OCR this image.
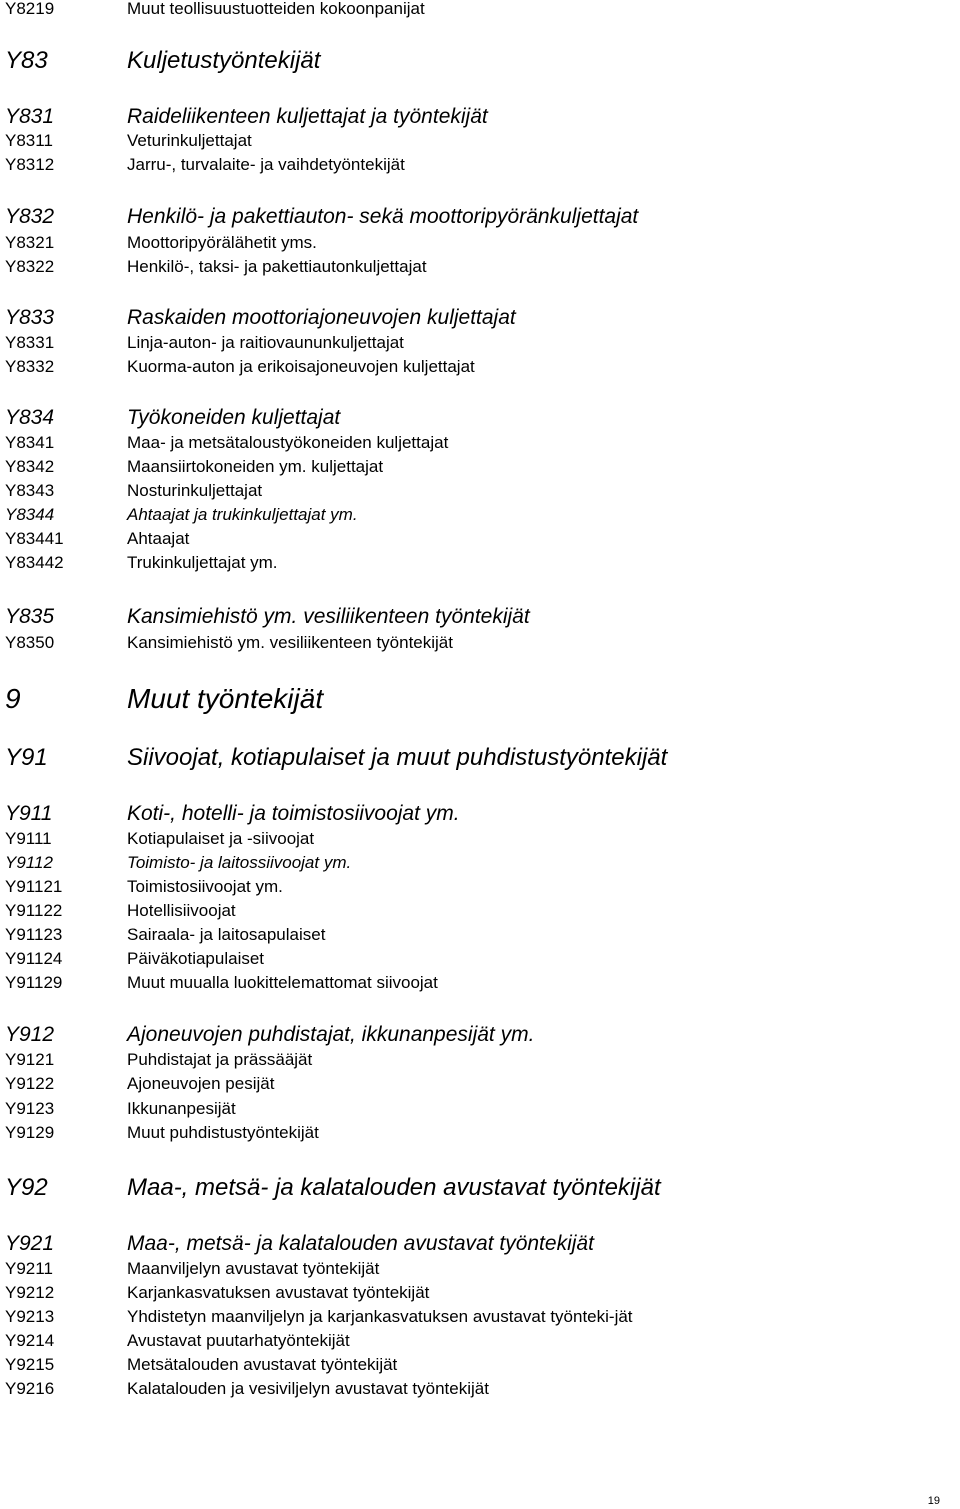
Y8219	Muut teollisuustuotteiden kokoonpanijat
Y83	Kuljetustyöntekijät
Y831	Raideliikenteen kuljettajat ja työntekijät
Y8311	Veturinkuljettajat
Y8312	Jarru-, turvalaite- ja vaihdetyöntekijät
Y832	Henkilö- ja pakettiauton- sekä moottoripyöränkuljettajat
Y8321	Moottoripyörälähetit yms.
Y8322	Henkilö-, taksi- ja pakettiautonkuljettajat
Y833	Raskaiden moottoriajoneuvojen kuljettajat
Y8331	Linja-auton- ja raitiovaununkuljettajat
Y8332	Kuorma-auton ja erikoisajoneuvojen kuljettajat
Y834	Työkoneiden kuljettajat
Y8341	Maa- ja metsätaloustyökoneiden kuljettajat
Y8342	Maansiirtokoneiden ym. kuljettajat
Y8343	Nosturinkuljettajat
Y8344	Ahtaajat ja trukinkuljettajat ym.
Y83441	Ahtaajat
Y83442	Trukinkuljettajat ym.
Y835	Kansimiehistö ym. vesiliikenteen työntekijät
Y8350	Kansimiehistö ym. vesiliikenteen työntekijät
9	Muut työntekijät
Y91	Siivoojat, kotiapulaiset ja muut puhdistustyöntekijät
Y911	Koti-, hotelli- ja toimistosiivoojat ym.
Y9111	Kotiapulaiset ja -siivoojat
Y9112	Toimisto- ja laitossiivoojat ym.
Y91121	Toimistosiivoojat ym.
Y91122	Hotellisiivoojat
Y91123	Sairaala- ja laitosapulaiset
Y91124	Päiväkotiapulaiset
Y91129	Muut muualla luokittelemattomat siivoojat
Y912	Ajoneuvojen puhdistajat, ikkunanpesijät ym.
Y9121	Puhdistajat ja prässääjät
Y9122	Ajoneuvojen pesijät
Y9123	Ikkunanpesijät
Y9129	Muut puhdistustyöntekijät
Y92	Maa-, metsä- ja kalatalouden avustavat työntekijät
Y921	Maa-, metsä- ja kalatalouden avustavat työntekijät
Y9211	Maanviljelyn avustavat työntekijät
Y9212	Karjankasvatuksen avustavat työntekijät
Y9213	Yhdistetyn maanviljelyn ja karjankasvatuksen avustavat työnteki-jät
Y9214	Avustavat puutarhatyöntekijät
Y9215	Metsätalouden avustavat työntekijät
Y9216	Kalatalouden ja vesiviljelyn avustavat työntekijät
19
